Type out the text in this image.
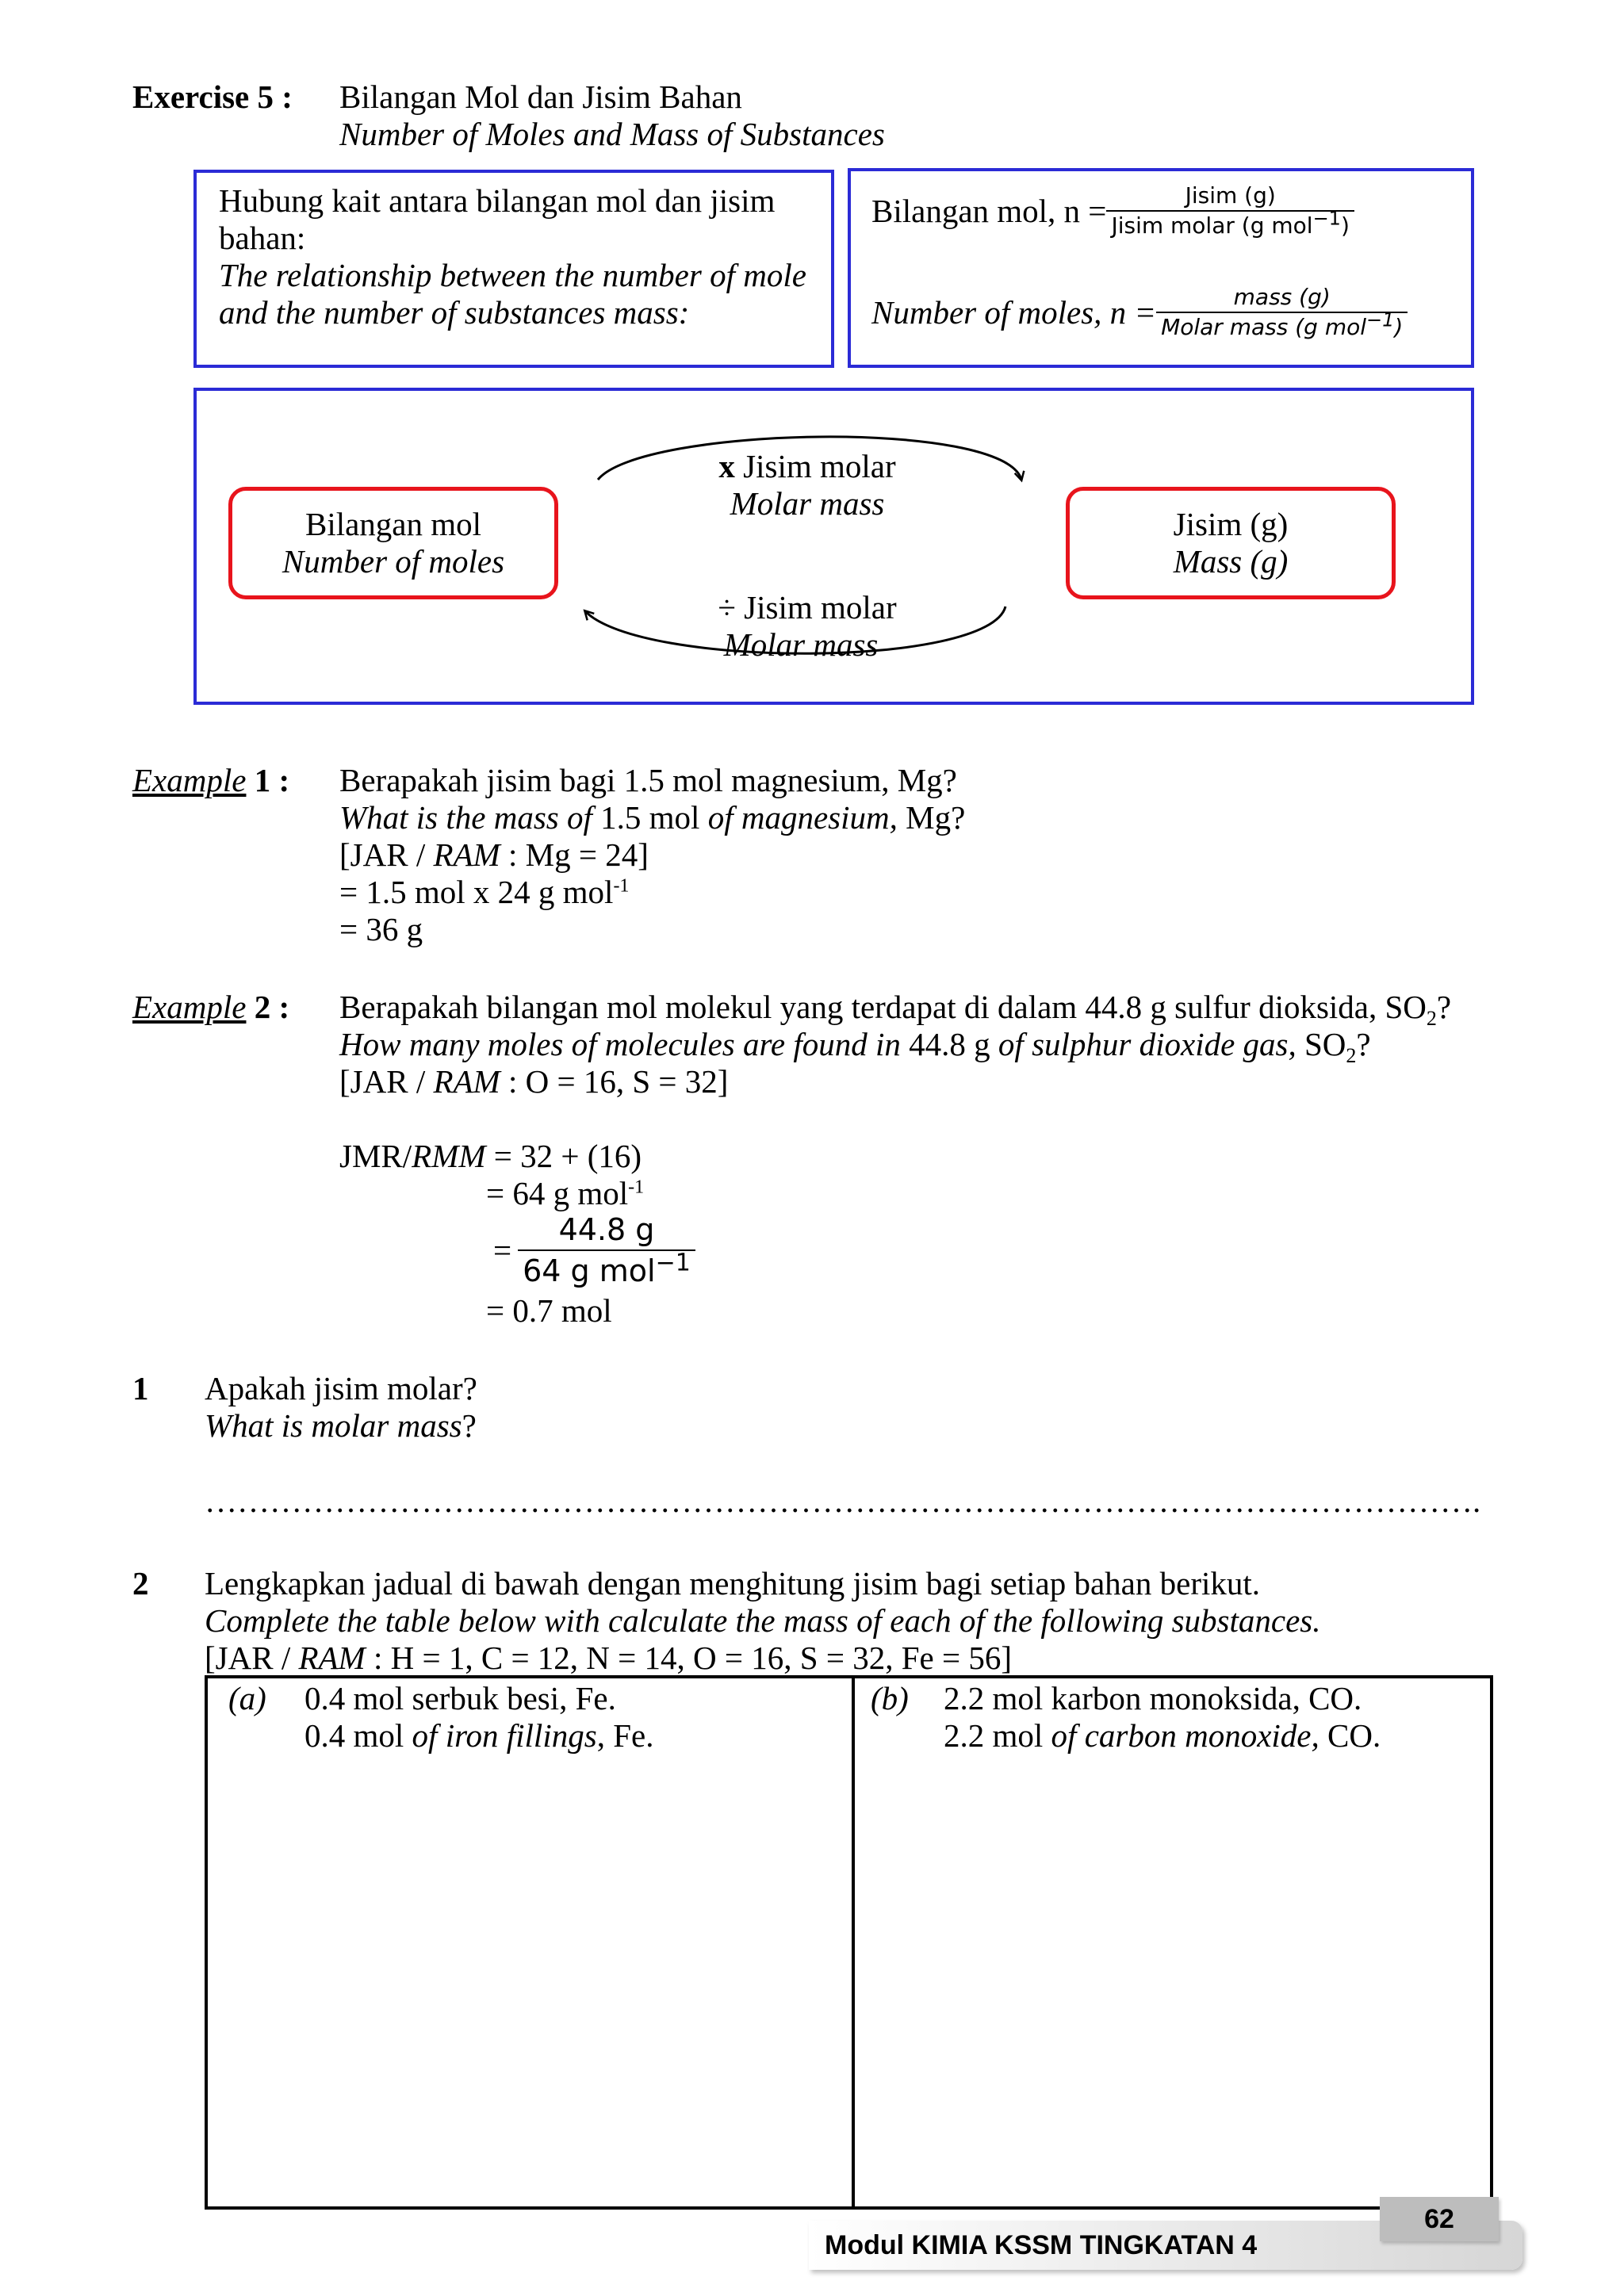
Exercise 5 : Bilangan Mol dan Jisim Bahan
Number of Moles and Mass of Substances
Hubung kait antara bilangan mol dan jisim
bahan:
The relationship between the number of mole
and the number of substances mass:
Bilangan mol, $n = \frac{\text{Jisim (g)}}{Jisim molar (g mol^{-1})}$
Number of moles, $n = \frac{\text{mass (g)}}{Molar mass (g mol^{-1})}$
Bilangan mol
Number of moles
Jisim (g)
Mass (g)
x Jisim molar
Molar mass
÷ Jisim molar
Molar mass
Example 1 : Berapakah jisim bagi 1.5 mol magnesium, Mg?
What is the mass of 1.5 mol of magnesium, Mg?
[JAR / RAM : Mg = 24]
= 1.5 mol x 24 g mol$^{-1}$
= 36 g
Example 2 : Berapakah bilangan mol molekul yang terdapat di dalam 44.8 g sulfur dioksida, $SO_2$?
How many moles of molecules are found in 44.8 g of sulphur dioxide gas, $SO_2$?
[JAR / RAM : O = 16, S = 32]
JMR/RMM = 32 + (16)
= 64 g mol$^{-1}$
= $\frac{44.8 g}{64 g mol^{-1}}$
= 0.7 mol
1 Apakah jisim molar?
What is molar mass?
……………………………………………………………………………………………………….
2 Lengkapkan jadual di bawah dengan menghitung jisim bagi setiap bahan berikut.
Complete the table below with calculate the mass of each of the following substances.
[JAR / RAM : H = 1, C = 12, N = 14, O = 16, S = 32, Fe = 56]
(a) 0.4 mol serbuk besi, Fe.
0.4 mol of iron fillings, Fe.
(b) 2.2 mol karbon monoksida, CO.
2.2 mol of carbon monoxide, CO.
Modul KIMIA KSSM TINGKATAN 4
62
